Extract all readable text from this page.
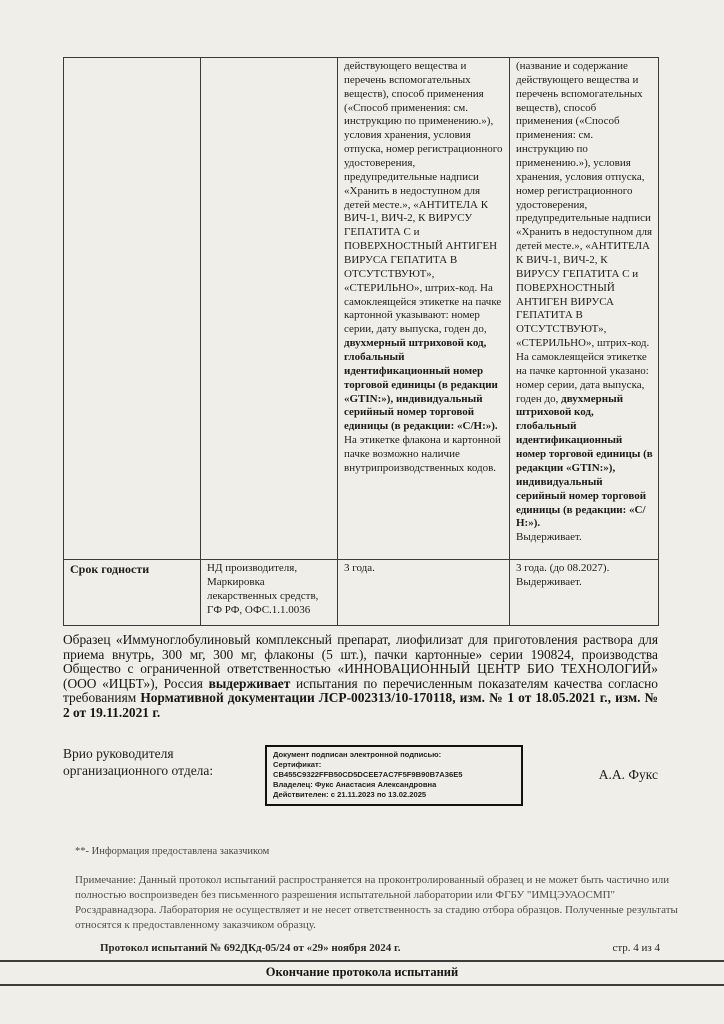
		действующего вещества и перечень вспомогательных веществ), способ применения («Способ применения: см. инструкцию по применению.»), условия хранения, условия отпуска, номер регистрационного удостоверения, предупредительные надписи «Хранить в недоступном для детей месте.», «АНТИТЕЛА К ВИЧ-1, ВИЧ-2, К ВИРУСУ ГЕПАТИТА С и ПОВЕРХНОСТНЫЙ АНТИГЕН ВИРУСА ГЕПАТИТА В ОТСУТСТВУЮТ», «СТЕРИЛЬНО», штрих-код. На самоклеящейся этикетке на пачке картонной указывают: номер серии, дату выпуска, годен до, двухмерный штриховой код, глобальный идентификационный номер торговой единицы (в редакции «GTIN:»), индивидуальный серийный номер торговой единицы (в редакции: «С/Н:»).
На этикетке флакона и картонной пачке возможно наличие внутрипроизводственных кодов.	(название и содержание действующего вещества и перечень вспомогательных веществ), способ применения («Способ применения: см. инструкцию по применению.»), условия хранения, условия отпуска, номер регистрационного удостоверения, предупредительные надписи «Хранить в недоступном для детей месте.», «АНТИТЕЛА К ВИЧ-1, ВИЧ-2, К ВИРУСУ ГЕПАТИТА С и ПОВЕРХНОСТНЫЙ АНТИГЕН ВИРУСА ГЕПАТИТА В ОТСУТСТВУЮТ», «СТЕРИЛЬНО», штрих-код. На самоклеящейся этикетке на пачке картонной указано: номер серии, дата выпуска, годен до, двухмерный штриховой код, глобальный идентификационный номер торговой единицы (в редакции «GTIN:»), индивидуальный серийный номер торговой единицы (в редакции: «С/Н:»).
Выдерживает.
Срок годности	НД производителя, Маркировка лекарственных средств, ГФ РФ, ОФС.1.1.0036	3 года.	3 года. (до 08.2027).
Выдерживает.
Образец «Иммуноглобулиновый комплексный препарат, лиофилизат для приготовления раствора для приема внутрь, 300 мг, 300 мг, флаконы (5 шт.), пачки картонные» серии 190824, производства Общество с ограниченной ответственностью «ИННОВАЦИОННЫЙ ЦЕНТР БИО ТЕХНОЛОГИЙ» (ООО «ИЦБТ»), Россия выдерживает испытания по перечисленным показателям качества согласно требованиям Нормативной документации ЛСР-002313/10-170118, изм. № 1 от 18.05.2021 г., изм. № 2 от 19.11.2021 г.
Врио руководителя организационного отдела:
Документ подписан электронной подписью:
Сертификат:
CB455C9322FFB50CD5DCEE7AC7F5F9B90B7A36E5
Владелец: Фукс Анастасия Александровна
Действителен: с 21.11.2023 по 13.02.2025
А.А. Фукс
**- Информация предоставлена заказчиком
Примечание: Данный протокол испытаний распространяется на проконтролированный образец и не может быть частично или полностью воспроизведен без письменного разрешения испытательной лаборатории или ФГБУ "ИМЦЭУАОСМП" Росздравнадзора. Лаборатория не осуществляет и не несет ответственность за стадию отбора образцов. Полученные результаты относятся к предоставленному заказчиком образцу.
Протокол испытаний № 692ДКд-05/24 от «29» ноября 2024 г.	стр. 4 из 4
Окончание протокола испытаний
